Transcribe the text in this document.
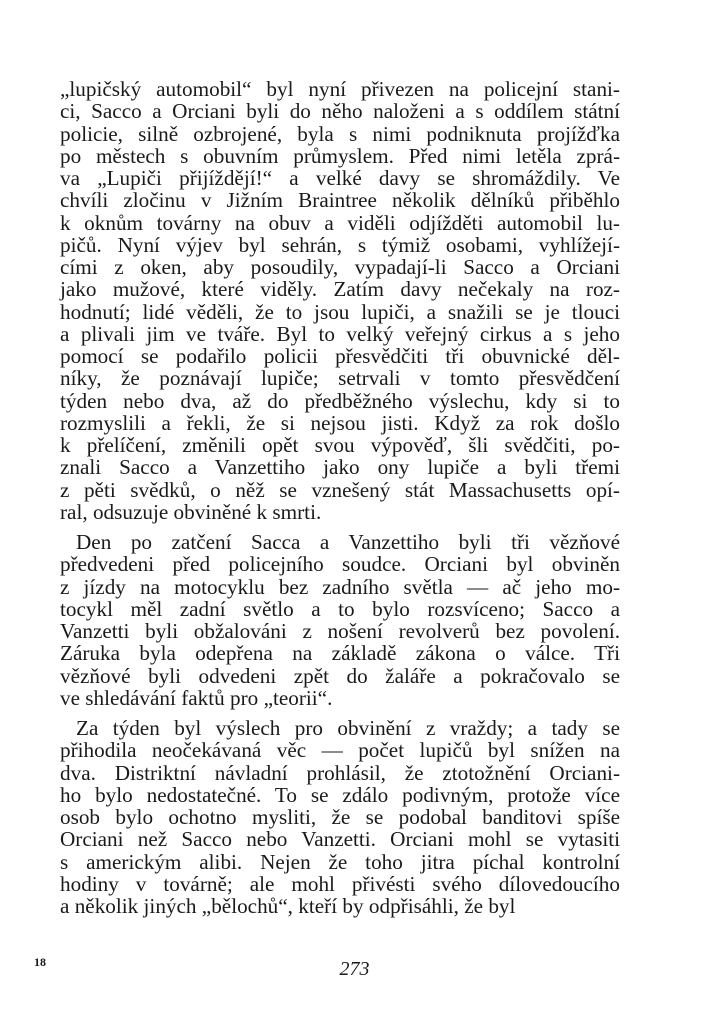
„lupičský automobil“ byl nyní přivezen na policejní stani-
ci, Sacco a Orciani byli do něho naloženi a s oddílem státní
policie, silně ozbrojené, byla s nimi podniknuta projížďka
po městech s obuvním průmyslem. Před nimi letěla zprá-
va „Lupiči přijíždějí!“ a velké davy se shromáždily. Ve
chvíli zločinu v Jižním Braintree několik dělníků přiběhlo
k oknům továrny na obuv a viděli odjížděti automobil lu-
pičů. Nyní výjev byl sehrán, s týmiž osobami, vyhlížejí-
cími z oken, aby posoudily, vypadají-li Sacco a Orciani
jako mužové, které viděly. Zatím davy nečekaly na roz-
hodnutí; lidé věděli, že to jsou lupiči, a snažili se je tlouci
a plivali jim ve tváře. Byl to velký veřejný cirkus a s jeho
pomocí se podařilo policii přesvědčiti tři obuvnické děl-
níky, že poznávají lupiče; setrvali v tomto přesvědčení
týden nebo dva, až do předběžného výslechu, kdy si to
rozmyslili a řekli, že si nejsou jisti. Když za rok došlo
k přelíčení, změnili opět svou výpověď, šli svědčiti, po-
znali Sacco a Vanzettiho jako ony lupiče a byli třemi
z pěti svědků, o něž se vznešený stát Massachusetts opí-
ral, odsuzuje obviněné k smrti.
Den po zatčení Sacca a Vanzettiho byli tři vězňové
předvedeni před policejního soudce. Orciani byl obviněn
z jízdy na motocyklu bez zadního světla — ač jeho mo-
tocykl měl zadní světlo a to bylo rozsvíceno; Sacco a
Vanzetti byli obžalováni z nošení revolverů bez povolení.
Záruka byla odepřena na základě zákona o válce. Tři
vězňové byli odvedeni zpět do žaláře a pokračovalo se
ve shledávání faktů pro „teorii“.
Za týden byl výslech pro obvinění z vraždy; a tady se
přihodila neočekávaná věc — počet lupičů byl snížen na
dva. Distriktní návladní prohlásil, že ztotožnění Orciani-
ho bylo nedostatečné. To se zdálo podivným, protože více
osob bylo ochotno mysliti, že se podobal banditovi spíše
Orciani než Sacco nebo Vanzetti. Orciani mohl se vytasiti
s americkým alibi. Nejen že toho jitra píchal kontrolní
hodiny v továrně; ale mohl přivésti svého dílovedoucího
a několik jiných „bělochů“, kteří by odpřisáhli, že byl
18	273
